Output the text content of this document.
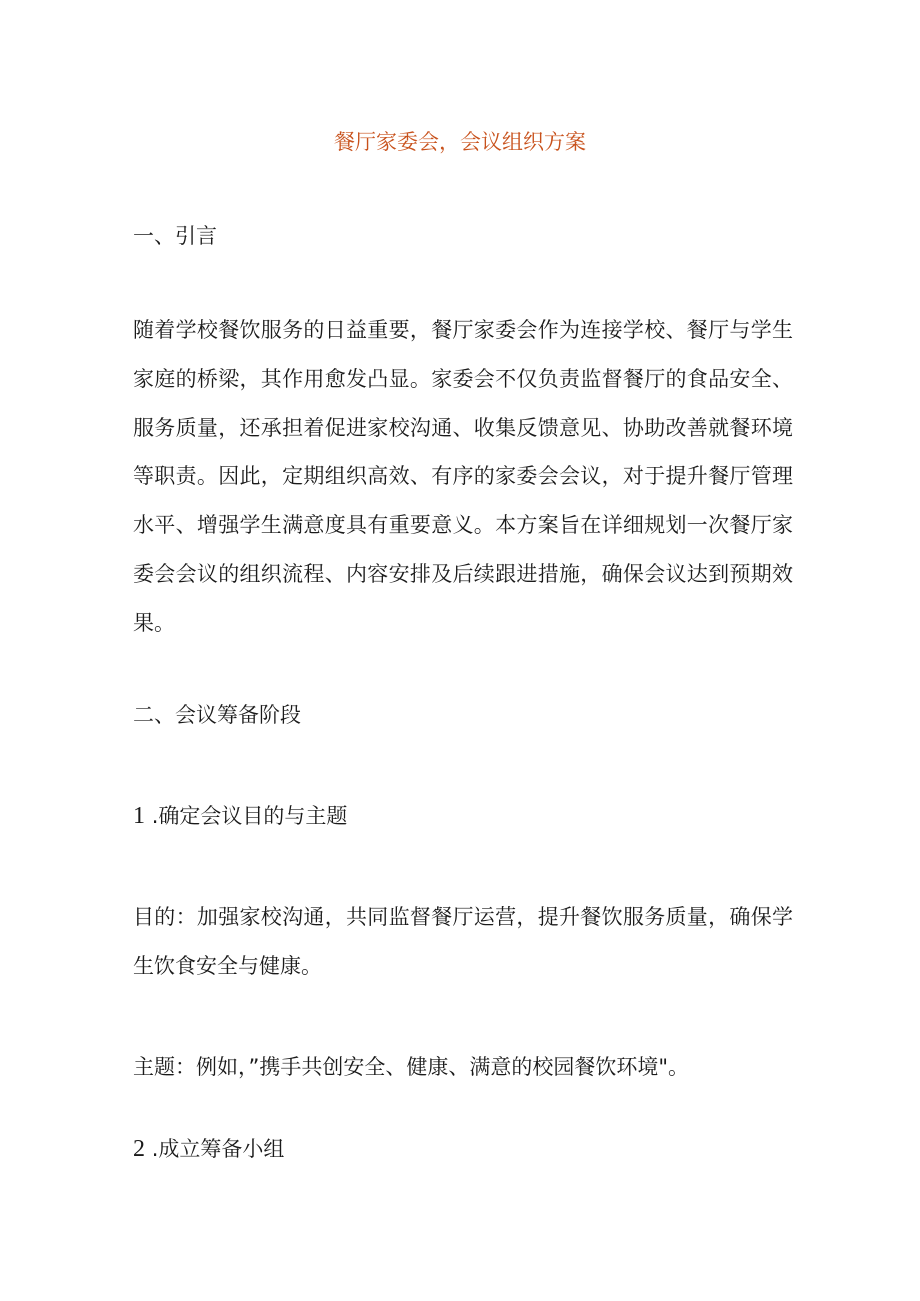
餐厅家委会，会议组织方案
一、引言

随着学校餐饮服务的日益重要，餐厅家委会作为连接学校、餐厅与学生家庭的桥梁，其作用愈发凸显。家委会不仅负责监督餐厅的食品安全、服务质量，还承担着促进家校沟通、收集反馈意见、协助改善就餐环境等职责。因此，定期组织高效、有序的家委会会议，对于提升餐厅管理水平、增强学生满意度具有重要意义。本方案旨在详细规划一次餐厅家委会会议的组织流程、内容安排及后续跟进措施，确保会议达到预期效果。

二、会议筹备阶段
1 .确定会议目的与主题

目的：加强家校沟通，共同监督餐厅运营，提升餐饮服务质量，确保学生饮食安全与健康。

主题：例如，”携手共创安全、健康、满意的校园餐饮环境"。

2 .成立筹备小组
